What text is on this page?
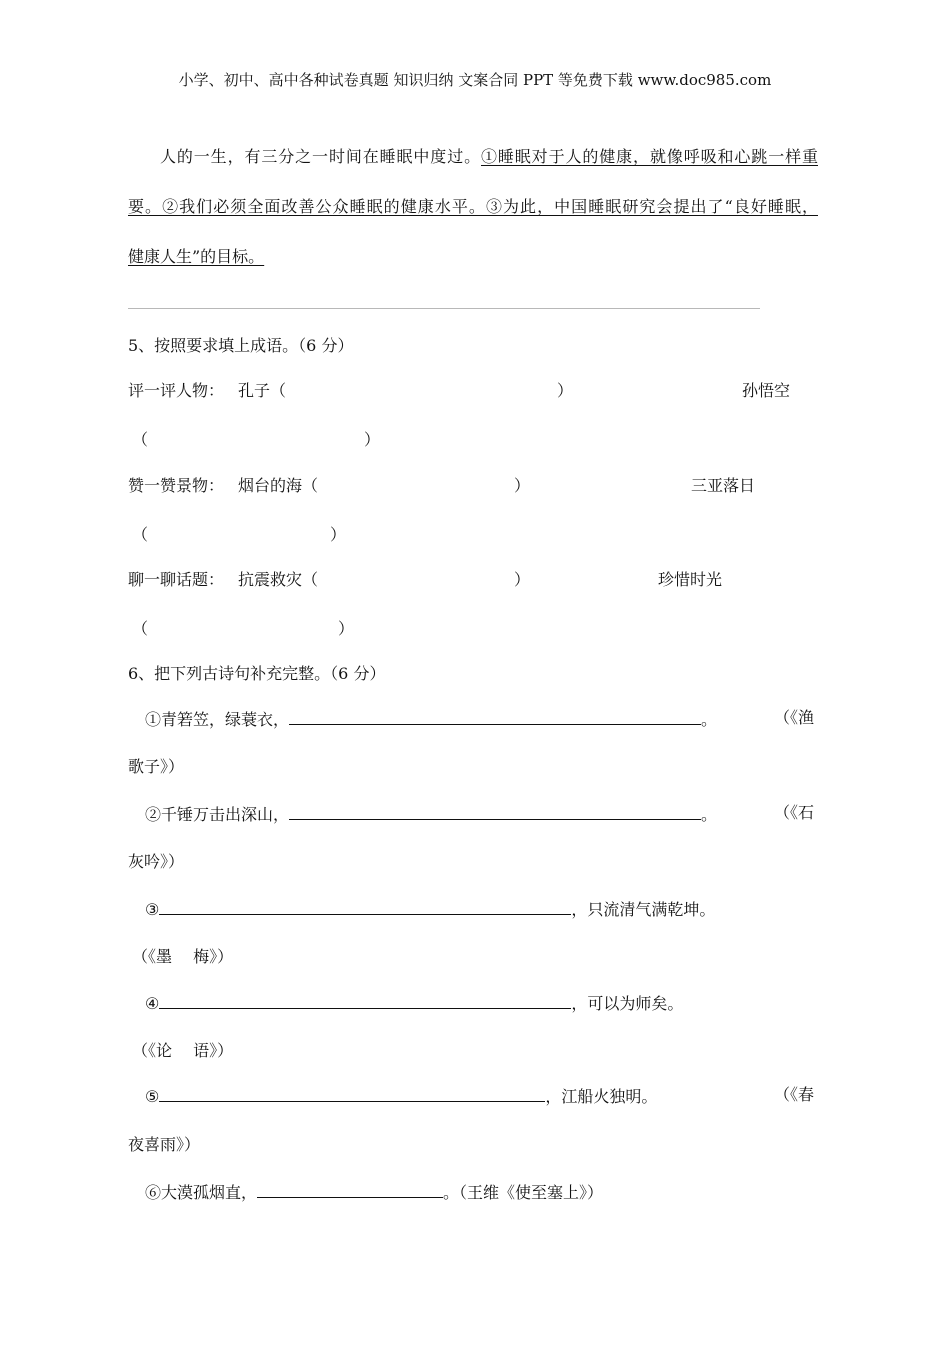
小学、初中、高中各种试卷真题 知识归纳 文案合同 PPT 等免费下载 www.doc985.com
人的一生，有三分之一时间在睡眠中度过。①睡眠对于人的健康，就像呼吸和心跳一样重
要。②我们必须全面改善公众睡眠的健康水平。③为此，中国睡眠研究会提出了“良好睡眠，
健康人生”的目标。
5、按照要求填上成语。（6 分）
评一评人物： 孔子（	）	孙悟空
（	）
赞一赞景物： 烟台的海（	）	三亚落日
（	）
聊一聊话题： 抗震救灾（	）	珍惜时光
（	）
6、把下列古诗句补充完整。（6 分）
①青箬笠，绿蓑衣，	。	（《渔
歌子》）
②千锤万击出深山，	。	（《石
灰吟》）
③	，只流清气满乾坤。
（《墨　 梅》）
④	，可以为师矣。
（《论　 语》）
⑤	，江船火独明。	（《春
夜喜雨》）
⑥大漠孤烟直，	。（王维《使至塞上》）
